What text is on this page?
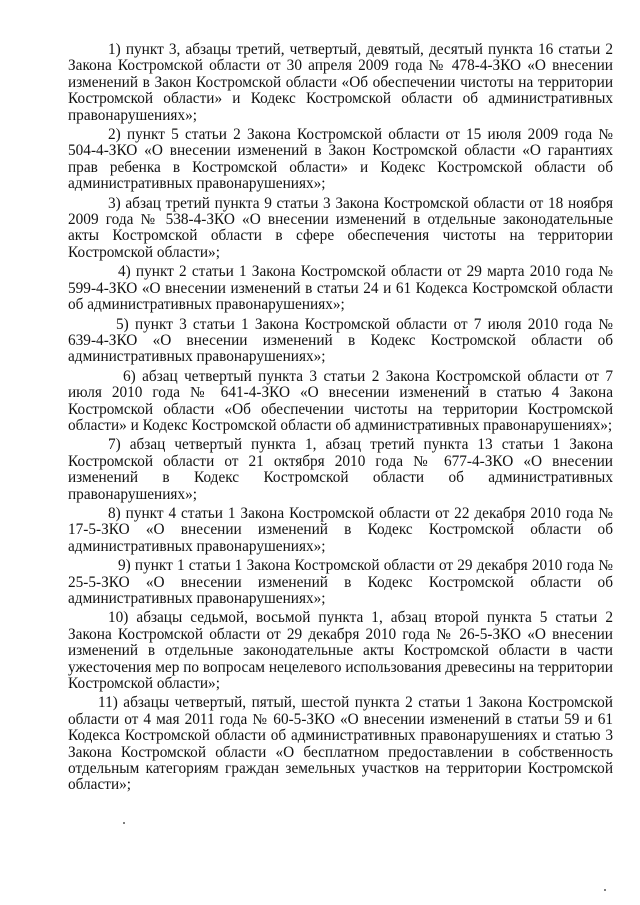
1) пункт 3, абзацы третий, четвертый, девятый, десятый пункта 16 статьи 2 Закона Костромской области от 30 апреля 2009 года № 478-4-ЗКО «О внесении изменений в Закон Костромской области «Об обеспечении чистоты на территории Костромской области» и Кодекс Костромской области об административных правонарушениях»;

2) пункт 5 статьи 2 Закона Костромской области от 15 июля 2009 года № 504-4-ЗКО «О внесении изменений в Закон Костромской области «О гарантиях прав ребенка в Костромской области» и Кодекс Костромской области об административных правонарушениях»;

3) абзац третий пункта 9 статьи 3 Закона Костромской области от 18 ноября 2009 года № 538-4-ЗКО «О внесении изменений в отдельные законодательные акты Костромской области в сфере обеспечения чистоты на территории Костромской области»;

4) пункт 2 статьи 1 Закона Костромской области от 29 марта 2010 года № 599-4-ЗКО «О внесении изменений в статьи 24 и 61 Кодекса Костромской области об административных правонарушениях»;

5) пункт 3 статьи 1 Закона Костромской области от 7 июля 2010 года № 639-4-ЗКО «О внесении изменений в Кодекс Костромской области об административных правонарушениях»;

6) абзац четвертый пункта 3 статьи 2 Закона Костромской области от 7 июля 2010 года № 641-4-ЗКО «О внесении изменений в статью 4 Закона Костромской области «Об обеспечении чистоты на территории Костромской области» и Кодекс Костромской области об административных правонарушениях»;

7) абзац четвертый пункта 1, абзац третий пункта 13 статьи 1 Закона Костромской области от 21 октября 2010 года № 677-4-ЗКО «О внесении изменений в Кодекс Костромской области об административных правонарушениях»;

8) пункт 4 статьи 1 Закона Костромской области от 22 декабря 2010 года № 17-5-ЗКО «О внесении изменений в Кодекс Костромской области об административных правонарушениях»;

9) пункт 1 статьи 1 Закона Костромской области от 29 декабря 2010 года № 25-5-ЗКО «О внесении изменений в Кодекс Костромской области об административных правонарушениях»;

10) абзацы седьмой, восьмой пункта 1, абзац второй пункта 5 статьи 2 Закона Костромской области от 29 декабря 2010 года № 26-5-ЗКО «О внесении изменений в отдельные законодательные акты Костромской области в части ужесточения мер по вопросам нецелевого использования древесины на территории Костромской области»;

11) абзацы четвертый, пятый, шестой пункта 2 статьи 1 Закона Костромской области от 4 мая 2011 года № 60-5-ЗКО «О внесении изменений в статьи 59 и 61 Кодекса Костромской области об административных правонарушениях и статью 3 Закона Костромской области «О бесплатном предоставлении в собственность отдельным категориям граждан земельных участков на территории Костромской области»;
